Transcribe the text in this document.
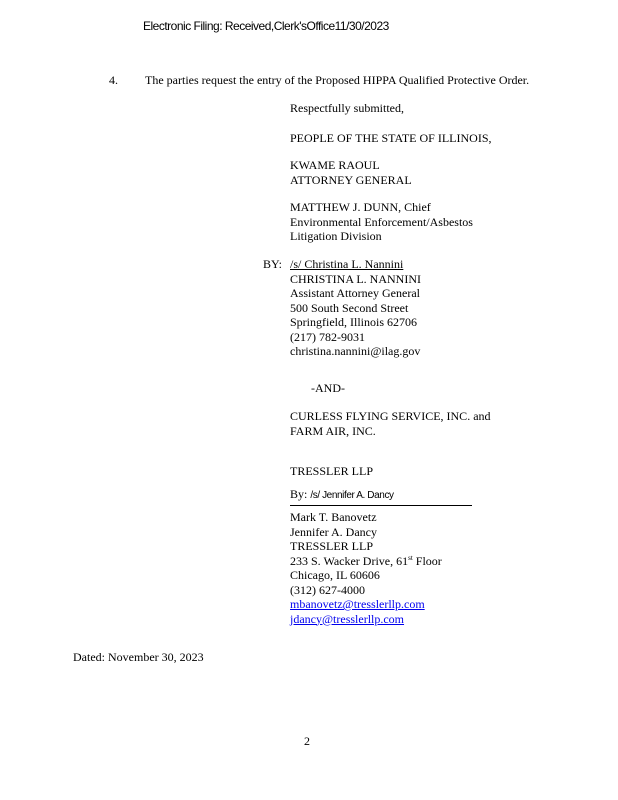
Electronic Filing: Received,Clerk'sOffice11/30/2023
4. The parties request the entry of the Proposed HIPPA Qualified Protective Order.
Respectfully submitted,
PEOPLE OF THE STATE OF ILLINOIS,
KWAME RAOUL
ATTORNEY GENERAL
MATTHEW J. DUNN, Chief
Environmental Enforcement/Asbestos
Litigation Division
BY: /s/ Christina L. Nannini
CHRISTINA L. NANNINI
Assistant Attorney General
500 South Second Street
Springfield, Illinois 62706
(217) 782-9031
christina.nannini@ilag.gov
-AND-
CURLESS FLYING SERVICE, INC. and
FARM AIR, INC.
TRESSLER LLP
By: /s/ Jennifer A. Dancy
Mark T. Banovetz
Jennifer A. Dancy
TRESSLER LLP
233 S. Wacker Drive, 61st Floor
Chicago, IL 60606
(312) 627-4000
mbanovetz@tresslerllp.com
jdancy@tresslerllp.com
Dated: November 30, 2023
2
